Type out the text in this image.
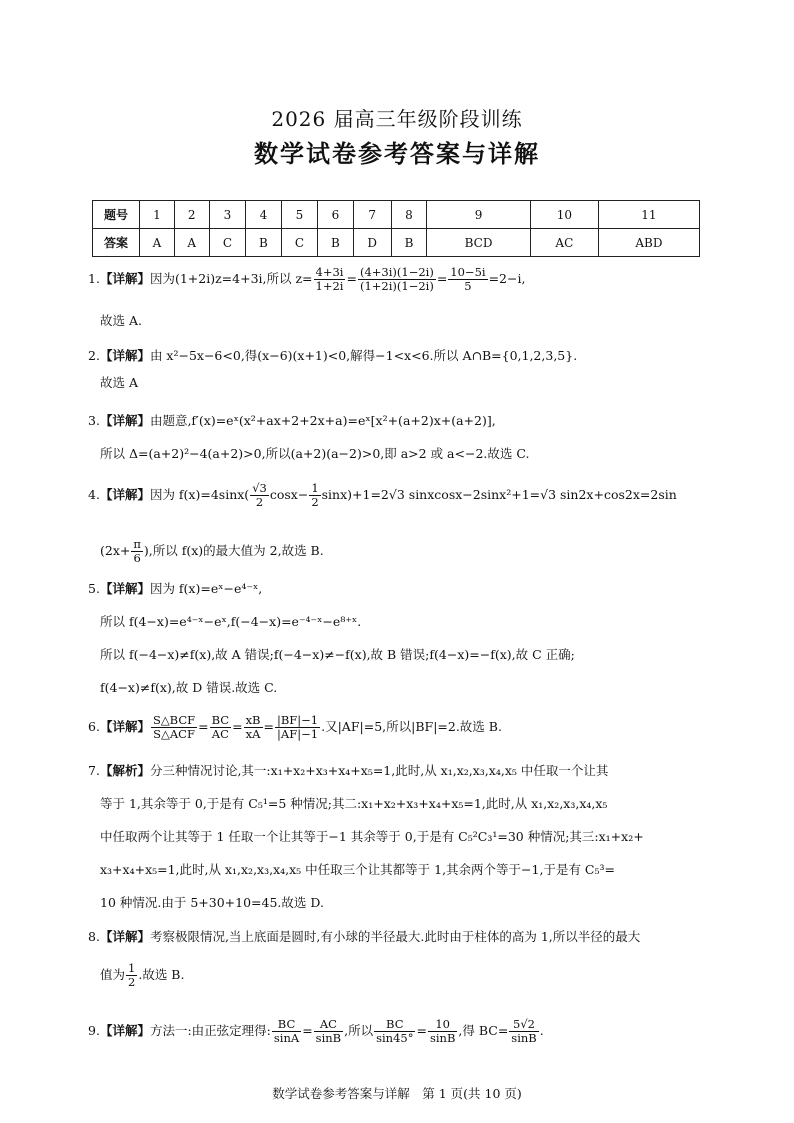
2026 届高三年级阶段训练
数学试卷参考答案与详解
题号	1	2	3	4	5	6	7	8	9	10	11
答案	A	A	C	B	C	B	D	B	BCD	AC	ABD
1.【详解】因为(1+2i)z=4+3i,所以 $z= \frac{4+3i}{1+2i} = \frac{(4+3i)(1-2i)}{(1+2i)(1-2i)} = \frac{10-5i}{5} =2-i$,
故选 A.
2.【详解】由 x²−5x−6<0,得(x−6)(x+1)<0,解得−1<x<6.所以 A∩B={0,1,2,3,5}.
故选 A
3.【详解】由题意,f′(x)=eˣ(x²+ax+2+2x+a)=eˣ[x²+(a+2)x+(a+2)],
所以 Δ=(a+2)²−4(a+2)>0,所以(a+2)(a−2)>0,即 a>2 或 a<−2.故选 C.
4.【详解】因为 $f(x)=4\sin x( \frac{√3}{2} \cos x- \frac{1}{2} \sin x)+1=2√3$ sinxcosx−2sinx²+1=√3 sin2x+cos2x=2sin
($2x+ \frac{\pi}{6}$ ),所以 f(x)的最大值为 2,故选 B.
5.【详解】因为 f(x)=eˣ−e⁴⁻ˣ,
所以 f(4−x)=e⁴⁻ˣ−eˣ,f(−4−x)=e⁻⁴⁻ˣ−e⁸⁺ˣ.
所以 f(−4−x)≠f(x),故 A 错误;f(−4−x)≠−f(x),故 B 错误;f(4−x)=−f(x),故 C 正确;
f(4−x)≠f(x),故 D 错误.故选 C.
6.【详解】 $\frac{\text{S△BCF}}{\text{S△ACF}} = \frac{BC}{AC} = \frac{xB}{xA} = \frac{|BF|-1}{|AF|-1}$ .又|AF|=5,所以|BF|=2.故选 B.
7.【解析】分三种情况讨论,其一:x₁+x₂+x₃+x₄+x₅=1,此时,从 x₁,x₂,x₃,x₄,x₅ 中任取一个让其
等于 1,其余等于 0,于是有 C₅¹=5 种情况;其二:x₁+x₂+x₃+x₄+x₅=1,此时,从 x₁,x₂,x₃,x₄,x₅
中任取两个让其等于 1 任取一个让其等于−1 其余等于 0,于是有 C₅²C₃¹=30 种情况;其三:x₁+x₂+
x₃+x₄+x₅=1,此时,从 x₁,x₂,x₃,x₄,x₅ 中任取三个让其都等于 1,其余两个等于−1,于是有 C₅³=
10 种情况.由于 5+30+10=45.故选 D.
8.【详解】考察极限情况,当上底面是圆时,有小球的半径最大.此时由于柱体的高为 1,所以半径的最大
值为 $\frac{1}{2}$ .故选 B.
9.【详解】方法一:由正弦定理得: $\frac{BC}{\sin A} = \frac{AC}{\sin B}$ ,所以 $\frac{BC}{\sin 45^\circ} = \frac{10}{\sin B}$ ,得 $BC= \frac{5√2}{\sin B}$ .
数学试卷参考答案与详解　第 1 页(共 10 页)
